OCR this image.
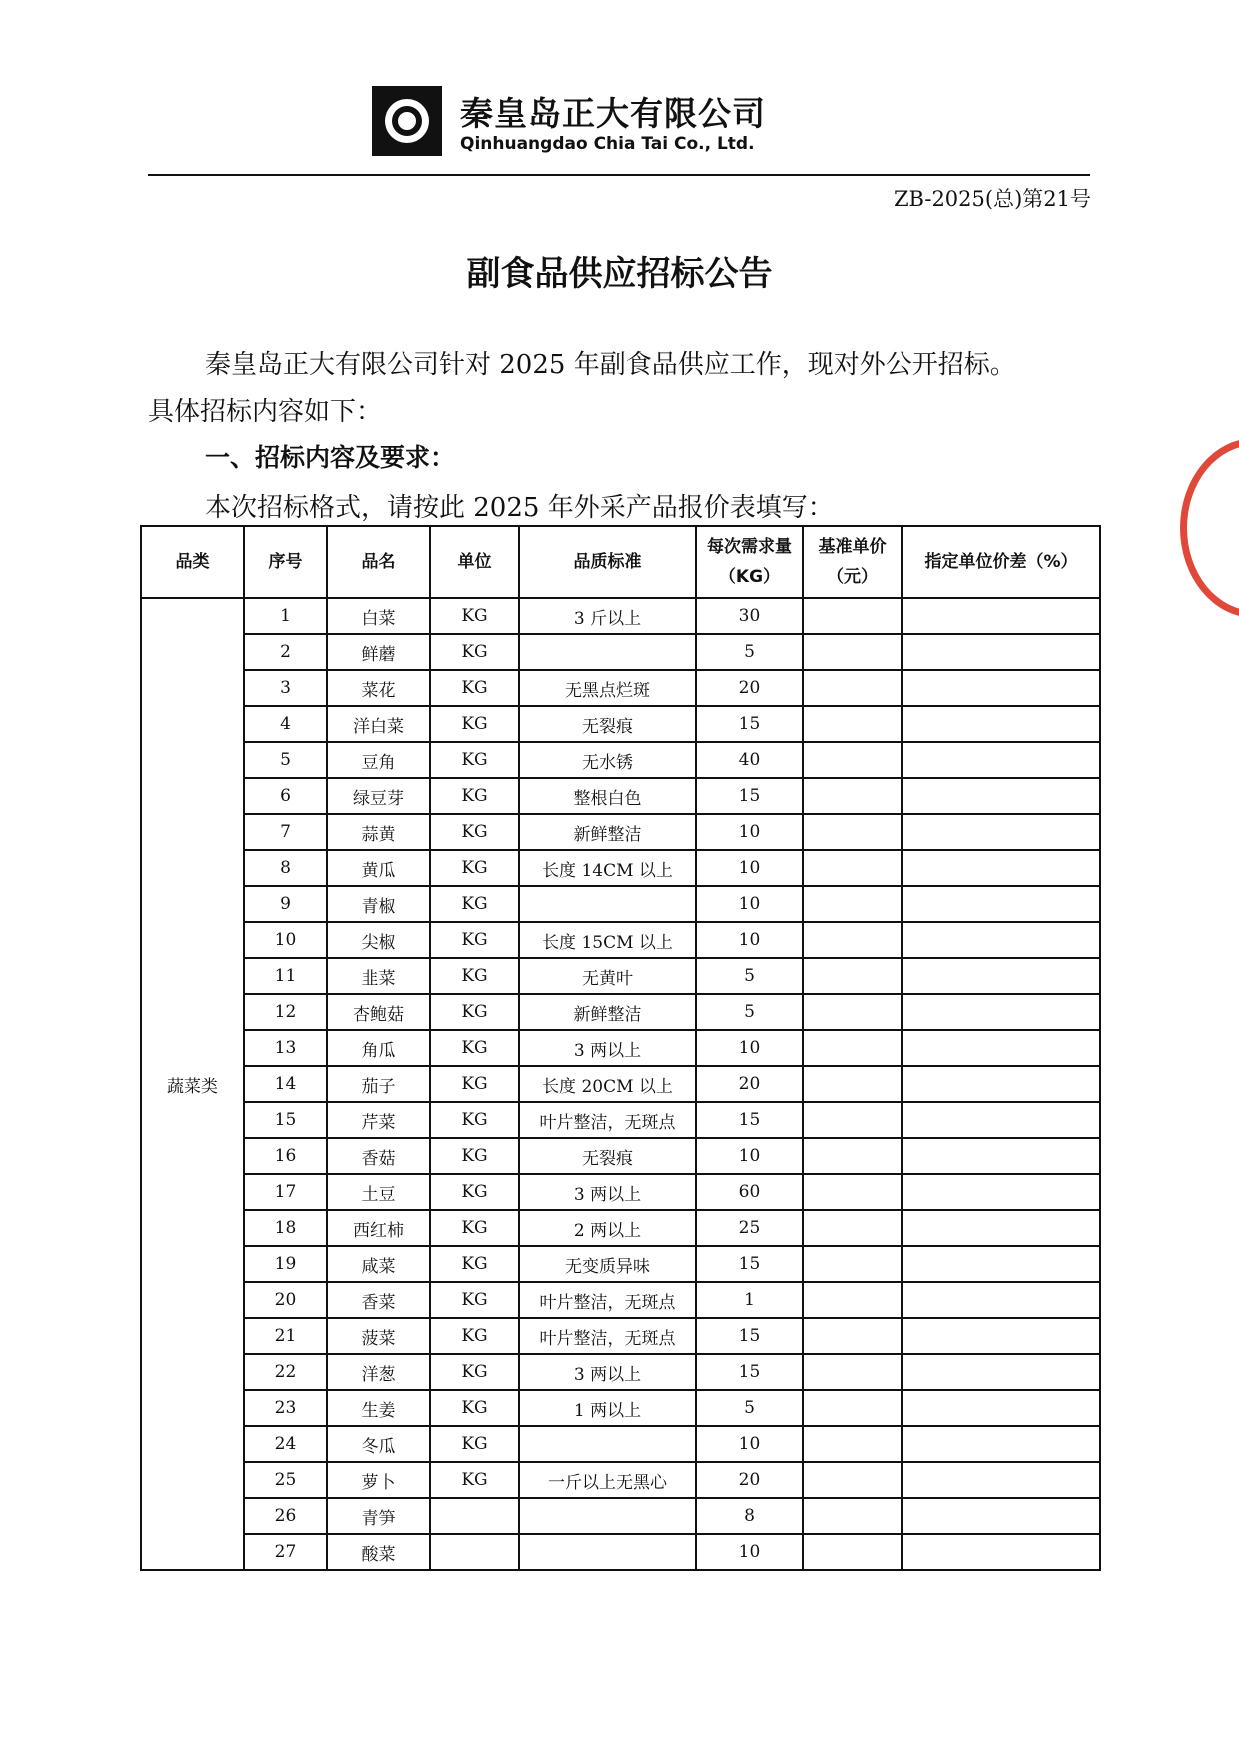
秦皇岛正大有限公司
Qinhuangdao Chia Tai Co., Ltd.
ZB-2025(总)第21号
副食品供应招标公告
秦皇岛正大有限公司针对 2025 年副食品供应工作，现对外公开招标。
具体招标内容如下：
一、招标内容及要求：
本次招标格式，请按此 2025 年外采产品报价表填写：
品类	序号	品名	单位	品质标准	每次需求量（KG）	基准单价（元）	指定单位价差（%）
蔬菜类	1	白菜	KG	3 斤以上	30		
	2	鲜蘑	KG		5		
	3	菜花	KG	无黑点烂斑	20		
	4	洋白菜	KG	无裂痕	15		
	5	豆角	KG	无水锈	40		
	6	绿豆芽	KG	整根白色	15		
	7	蒜黄	KG	新鲜整洁	10		
	8	黄瓜	KG	长度 14CM 以上	10		
	9	青椒	KG		10		
	10	尖椒	KG	长度 15CM 以上	10		
	11	韭菜	KG	无黄叶	5		
	12	杏鲍菇	KG	新鲜整洁	5		
	13	角瓜	KG	3 两以上	10		
	14	茄子	KG	长度 20CM 以上	20		
	15	芹菜	KG	叶片整洁，无斑点	15		
	16	香菇	KG	无裂痕	10		
	17	土豆	KG	3 两以上	60		
	18	西红柿	KG	2 两以上	25		
	19	咸菜	KG	无变质异味	15		
	20	香菜	KG	叶片整洁，无斑点	1		
	21	菠菜	KG	叶片整洁，无斑点	15		
	22	洋葱	KG	3 两以上	15		
	23	生姜	KG	1 两以上	5		
	24	冬瓜	KG		10		
	25	萝卜	KG	一斤以上无黑心	20		
	26	青笋			8		
	27	酸菜			10		
